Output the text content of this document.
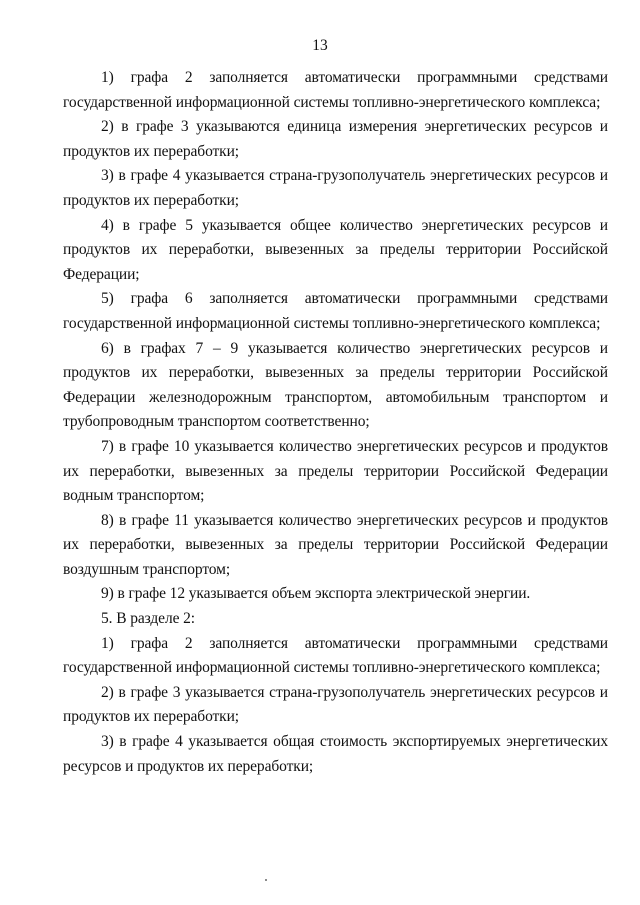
13

1) графа 2 заполняется автоматически программными средствами государственной информационной системы топливно-энергетического комплекса;

2) в графе 3 указываются единица измерения энергетических ресурсов и продуктов их переработки;

3) в графе 4 указывается страна-грузополучатель энергетических ресурсов и продуктов их переработки;

4) в графе 5 указывается общее количество энергетических ресурсов и продуктов их переработки, вывезенных за пределы территории Российской Федерации;

5) графа 6 заполняется автоматически программными средствами государственной информационной системы топливно-энергетического комплекса;

6) в графах 7 – 9 указывается количество энергетических ресурсов и продуктов их переработки, вывезенных за пределы территории Российской Федерации железнодорожным транспортом, автомобильным транспортом и трубопроводным транспортом соответственно;

7) в графе 10 указывается количество энергетических ресурсов и продуктов их переработки, вывезенных за пределы территории Российской Федерации водным транспортом;

8) в графе 11 указывается количество энергетических ресурсов и продуктов их переработки, вывезенных за пределы территории Российской Федерации воздушным транспортом;

9) в графе 12 указывается объем экспорта электрической энергии.

5. В разделе 2:

1) графа 2 заполняется автоматически программными средствами государственной информационной системы топливно-энергетического комплекса;

2) в графе 3 указывается страна-грузополучатель энергетических ресурсов и продуктов их переработки;

3) в графе 4 указывается общая стоимость экспортируемых энергетических ресурсов и продуктов их переработки;
